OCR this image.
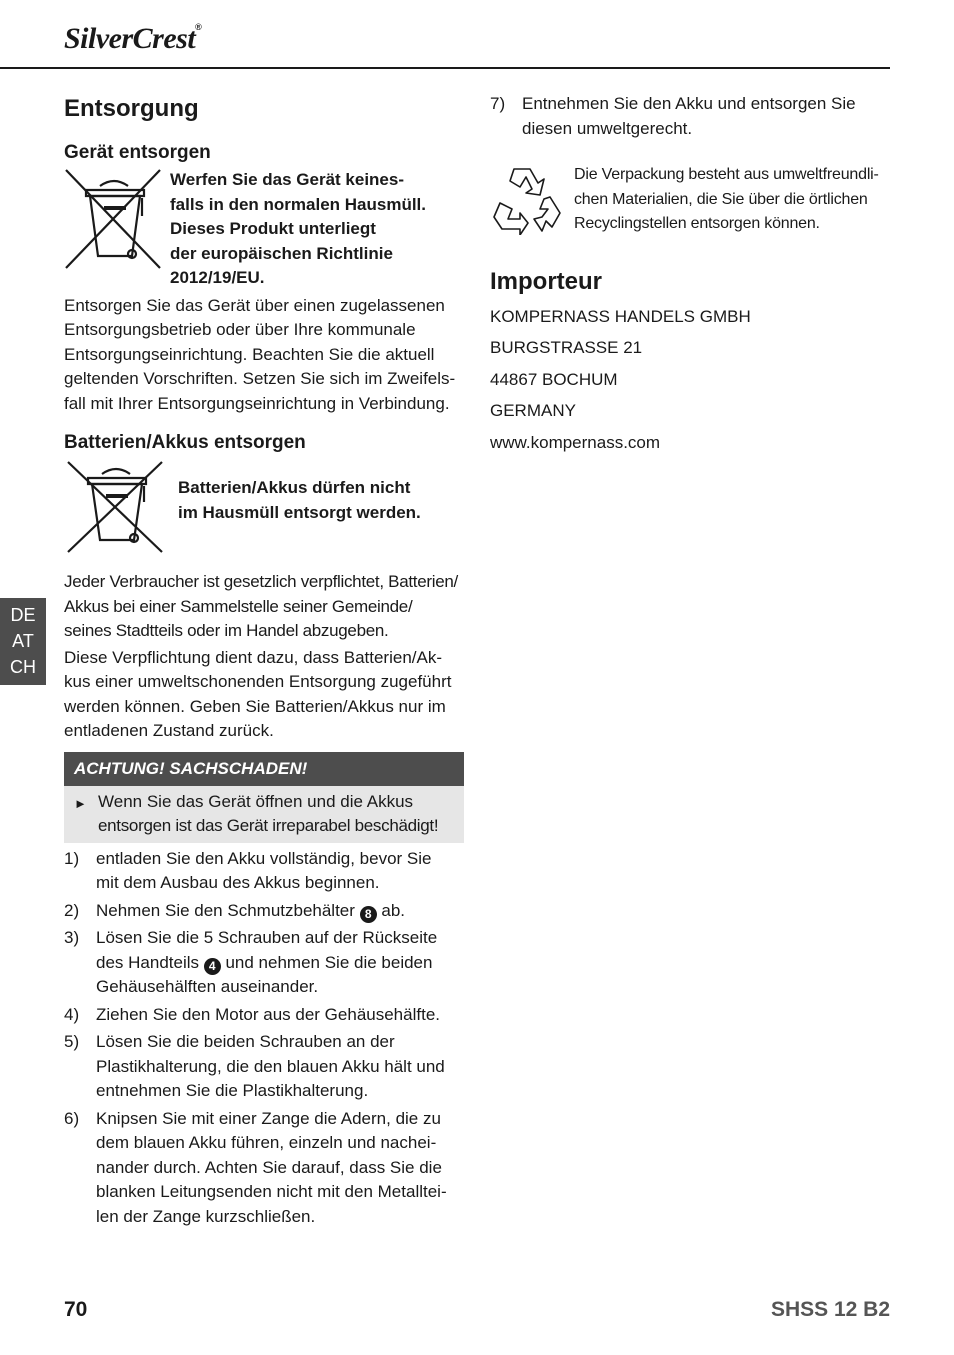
SilverCrest®
Entsorgung
Gerät entsorgen
Werfen Sie das Gerät keines-
falls in den normalen Hausmüll.
Dieses Produkt unterliegt
der europäischen Richtlinie
2012/19/EU.

Entsorgen Sie das Gerät über einen zugelassenen

Entsorgungsbetrieb oder über Ihre kommunale

Entsorgungseinrichtung. Beachten Sie die aktuell

geltenden Vorschriften. Setzen Sie sich im Zweifels-

fall mit Ihrer Entsorgungseinrichtung in Verbindung.

Batterien/Akkus entsorgen
Batterien/Akkus dürfen nicht
im Hausmüll entsorgt werden.

Jeder Verbraucher ist gesetzlich verpflichtet, Batterien/

Akkus bei einer Sammelstelle seiner Gemeinde/

seines Stadtteils oder im Handel abzugeben.

Diese Verpflichtung dient dazu, dass Batterien/Ak-

kus einer umweltschonenden Entsorgung zugeführt

werden können. Geben Sie Batterien/Akkus nur im

entladenen Zustand zurück.

ACHTUNG! SACHSCHADEN!
► Wenn Sie das Gerät öffnen und die Akkus
entsorgen ist das Gerät irreparabel beschädigt!
1) entladen Sie den Akku vollständig, bevor Sie
mit dem Ausbau des Akkus beginnen.
2) Nehmen Sie den Schmutzbehälter 8 ab.
3) Lösen Sie die 5 Schrauben auf der Rückseite
des Handteils 4 und nehmen Sie die beiden
Gehäusehälften auseinander.
4) Ziehen Sie den Motor aus der Gehäusehälfte.
5) Lösen Sie die beiden Schrauben an der
Plastikhalterung, die den blauen Akku hält und
entnehmen Sie die Plastikhalterung.
6) Knipsen Sie mit einer Zange die Adern, die zu
dem blauen Akku führen, einzeln und nachei-
nander durch. Achten Sie darauf, dass Sie die
blanken Leitungsenden nicht mit den Metalltei-
len der Zange kurzschließen.
7) Entnehmen Sie den Akku und entsorgen Sie
diesen umweltgerecht.
Die Verpackung besteht aus umweltfreundli-
chen Materialien, die Sie über die örtlichen
Recyclingstellen entsorgen können.
Importeur

KOMPERNASS HANDELS GMBH

BURGSTRASSE 21

44867 BOCHUM

GERMANY

www.kompernass.com

DE
AT
CH
70	SHSS 12 B2
